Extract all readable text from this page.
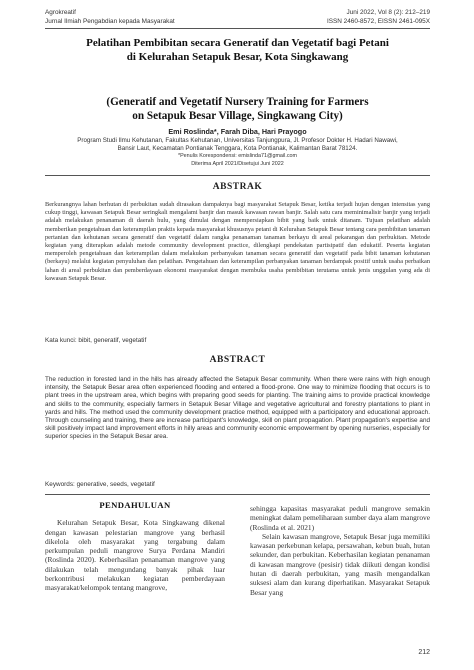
Agrokreatif
Jurnal Ilmiah Pengabdian kepada Masyarakat
Juni 2022, Vol 8 (2): 212–219
ISSN 2460-8572, EISSN 2461-095X
Pelatihan Pembibitan secara Generatif dan Vegetatif bagi Petani
di Kelurahan Setapuk Besar, Kota Singkawang
(Generatif and Vegetatif Nursery Training for Farmers
on Setapuk Besar Village, Singkawang City)
Emi Roslinda*, Farah Diba, Hari Prayogo
Program Studi Ilmu Kehutanan, Fakultas Kehutanan, Universitas Tanjungpura, Jl. Profesor Dokter H. Hadari Nawawi,
Bansir Laut, Kecamatan Pontianak Tenggara, Kota Pontianak, Kalimantan Barat 78124.
*Penulis Korespondensi: emislinda71@gmail.com
Diterima April 2021/Disetujui Juni 2022
ABSTRAK
Berkurangnya lahan berhutan di perbukitan sudah dirasakan dampaknya bagi masyarakat Setapuk Besar, ketika terjadi hujan dengan intensitas yang cukup tinggi, kawasan Setapuk Besar seringkali mengalami banjir dan masuk kawasan rawan banjir. Salah satu cara meminimalisir banjir yang terjadi adalah melakukan penanaman di daerah hulu, yang dimulai dengan mempersiapkan bibit yang baik untuk ditanam. Tujuan pelatihan adalah memberikan pengetahuan dan keterampilan praktis kepada masyarakat khususnya petani di Kelurahan Setapuk Besar tentang cara pembibitan tanaman pertanian dan kehutanan secara generatif dan vegetatif dalam rangka penanaman tanaman berkayu di areal pekarangan dan perbukitan. Metode kegiatan yang diterapkan adalah metode community development practice, dilengkapi pendekatan partisipatif dan edukatif. Peserta kegiatan memperoleh pengetahuan dan keterampilan dalam melakukan perbanyakan tanaman secara generatif dan vegetatif pada bibit tanaman kehutanan (berkayu) melalui kegiatan penyuluhan dan pelatihan. Pengetahuan dan keterampilan perbanyakan tanaman berdampak positif untuk usaha perbaikan lahan di areal perbukitan dan pemberdayaan ekonomi masyarakat dengan membuka usaha pembibitan terutama untuk jenis unggulan yang ada di kawasan Setapuk Besar.
Kata kunci: bibit, generatif, vegetatif
ABSTRACT
The reduction in forested land in the hills has already affected the Setapuk Besar community. When there were rains with high enough intensity, the Setapuk Besar area often experienced flooding and entered a flood-prone. One way to minimize flooding that occurs is to plant trees in the upstream area, which begins with preparing good seeds for planting. The training aims to provide practical knowledge and skills to the community, especially farmers in Setapuk Besar Village and vegetative agricultural and forestry plantations to plant in yards and hills. The method used the community development practice method, equipped with a participatory and educational approach. Through counseling and training, there are increase participant's knowledge, skill on plant propagation. Plant propagation's expertise and skill positively impact land improvement efforts in hilly areas and community economic empowerment by opening nurseries, especially for superior species in the Setapuk Besar area.
Keywords: generative, seeds, vegetatif
PENDAHULUAN

Kelurahan Setapuk Besar, Kota Singkawang dikenal dengan kawasan pelestarian mangrove yang berhasil dikelola oleh masyarakat yang tergabung dalam perkumpulan peduli mangrove Surya Perdana Mandiri (Roslinda 2020). Keberhasilan penanaman mangrove yang dilakukan telah mengundang banyak pihak luar berkontribusi melakukan kegiatan pemberdayaan masyarakat/kelompok tentang mangrove,

sehingga kapasitas masyarakat peduli mangrove semakin meningkat dalam pemeliharaan sumber daya alam mangrove (Roslinda et al. 2021)

Selain kawasan mangrove, Setapuk Besar juga memiliki kawasan perkebunan kelapa, persawahan, kebun buah, hutan sekunder, dan perbukitan. Keberhasilan kegiatan penanaman di kawasan mangrove (pesisir) tidak diikuti dengan kondisi hutan di daerah perbukitan, yang masih mengandalkan suksesi alam dan kurang diperhatikan. Masyarakat Setapuk Besar yang

212
